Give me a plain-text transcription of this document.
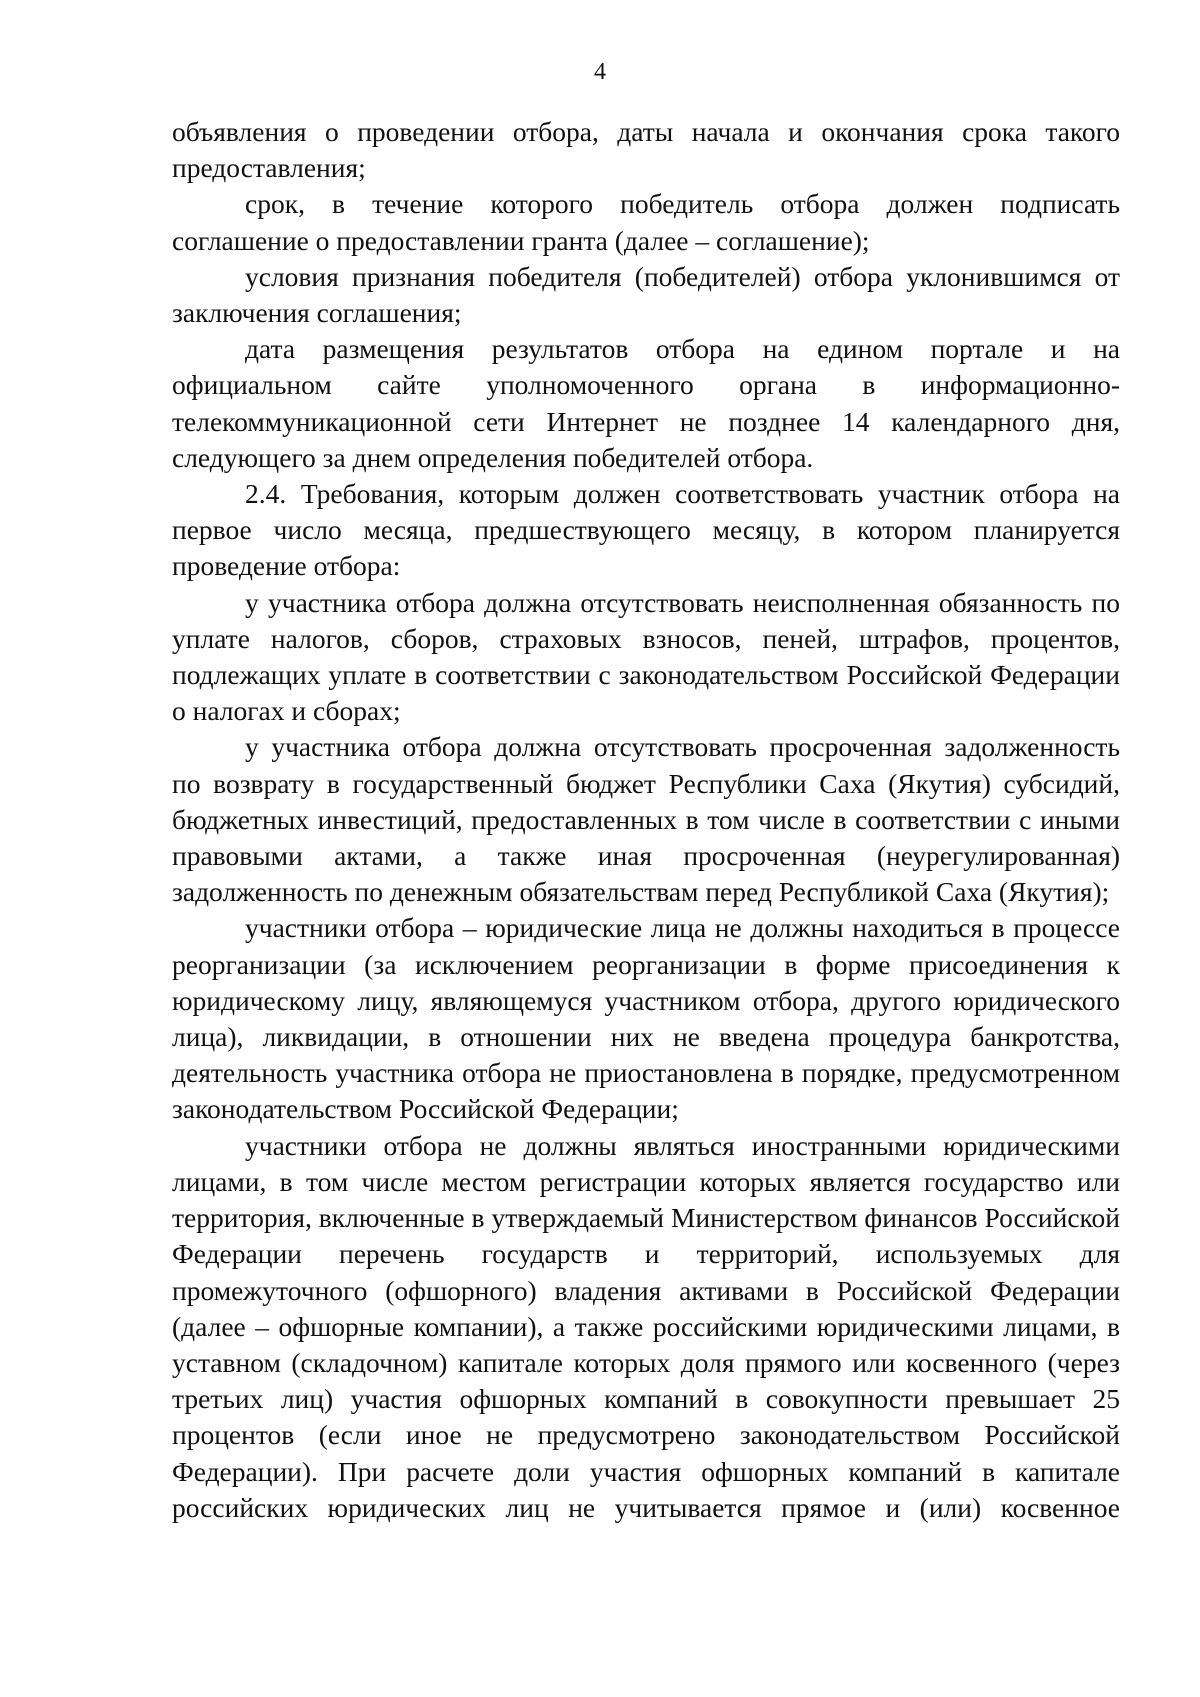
4

объявления о проведении отбора, даты начала и окончания срока такого предоставления;

срок, в течение которого победитель отбора должен подписать соглашение о предоставлении гранта (далее – соглашение);

условия признания победителя (победителей) отбора уклонившимся от заключения соглашения;

дата размещения результатов отбора на едином портале и на официальном сайте уполномоченного органа в информационно-телекоммуникационной сети Интернет не позднее 14 календарного дня, следующего за днем определения победителей отбора.

2.4. Требования, которым должен соответствовать участник отбора на первое число месяца, предшествующего месяцу, в котором планируется проведение отбора:

у участника отбора должна отсутствовать неисполненная обязанность по уплате налогов, сборов, страховых взносов, пеней, штрафов, процентов, подлежащих уплате в соответствии с законодательством Российской Федерации о налогах и сборах;

у участника отбора должна отсутствовать просроченная задолженность по возврату в государственный бюджет Республики Саха (Якутия) субсидий, бюджетных инвестиций, предоставленных в том числе в соответствии с иными правовыми актами, а также иная просроченная (неурегулированная) задолженность по денежным обязательствам перед Республикой Саха (Якутия);

участники отбора – юридические лица не должны находиться в процессе реорганизации (за исключением реорганизации в форме присоединения к юридическому лицу, являющемуся участником отбора, другого юридического лица), ликвидации, в отношении них не введена процедура банкротства, деятельность участника отбора не приостановлена в порядке, предусмотренном законодательством Российской Федерации;

участники отбора не должны являться иностранными юридическими лицами, в том числе местом регистрации которых является государство или территория, включенные в утверждаемый Министерством финансов Российской Федерации перечень государств и территорий, используемых для промежуточного (офшорного) владения активами в Российской Федерации (далее – офшорные компании), а также российскими юридическими лицами, в уставном (складочном) капитале которых доля прямого или косвенного (через третьих лиц) участия офшорных компаний в совокупности превышает 25 процентов (если иное не предусмотрено законодательством Российской Федерации). При расчете доли участия офшорных компаний в капитале российских юридических лиц не учитывается прямое и (или) косвенное
